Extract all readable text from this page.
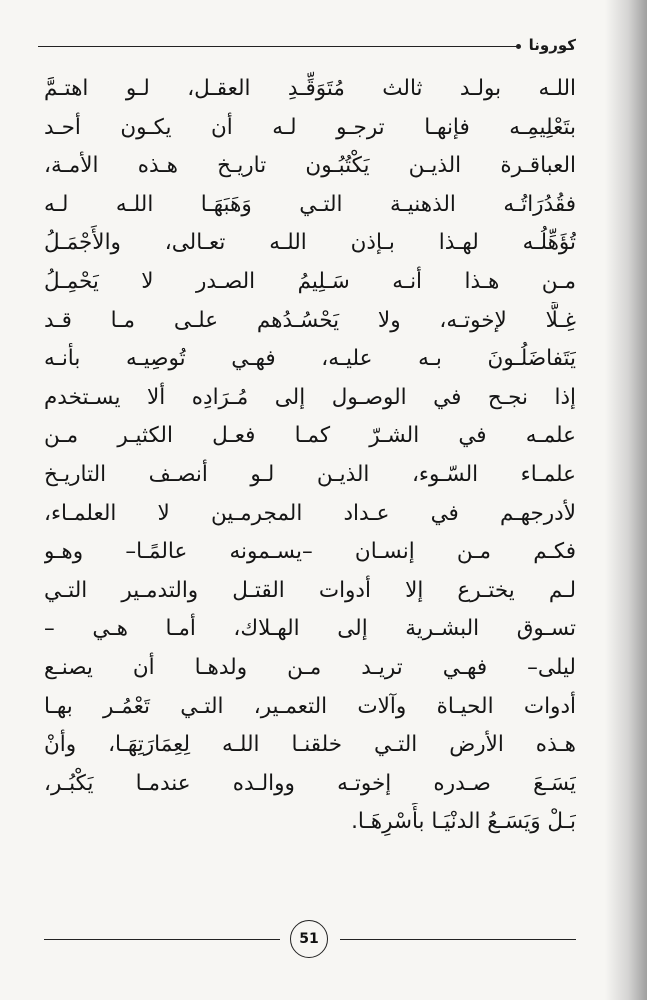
كورونا
اللـه بولـد ثالث مُتَوَقِّـدِ العقـل، لـو اهتـمَّ
بتَعْلِيمِـه فإنهـا ترجـو لـه أن يكـون أحـد
العباقـرة الذيـن يَكْتُبُـون تاريـخ هـذه الأمـة،
فقُدُرَاتُـه الذهنيـة التـي وَهَبَهَـا اللـه لـه
تُؤَهِّلُـه لهـذا بـإذن اللـه تعـالى، والأَجْمَـلُ
مـن هـذا أنـه سَـلِيمُ الصـدر لا يَحْمِـلُ
غِـلًّا لإخوتـه، ولا يَحْسُـدُهم علـى مـا قـد
يَتَفاضَلُـونَ بـه عليـه، فهـي تُوصِيـه بأنـه
إذا نجـح في الوصـول إلى مُـرَادِه ألا يسـتخدم
علمـه في الشـرّ كمـا فعـل الكثيـر مـن
علمـاء السّـوء، الذيـن لـو أنصـف التاريـخ
لأدرجهـم في عـداد المجرمـين لا العلمـاء،
فكـم مـن إنسـان –يسـمونه عالمًـا– وهـو
لـم يختـرع إلا أدوات القتـل والتدمـير التـي
تسـوق البشـرية إلى الهـلاك، أمـا هـي –
ليلى– فهـي تريـد مـن ولدهـا أن يصنـع
أدوات الحيـاة وآلات التعمـير، التـي تَعْمُـر بهـا
هـذه الأرض التـي خلقنـا اللـه لِعِمَارَتِهَـا، وأنْ
يَسَـعَ صـدره إخوتـه ووالـده عندمـا يَكْبُـر،
بَـلْ وَيَسَـعُ الدنْيَـا بأَسْرِهَـا.
51
